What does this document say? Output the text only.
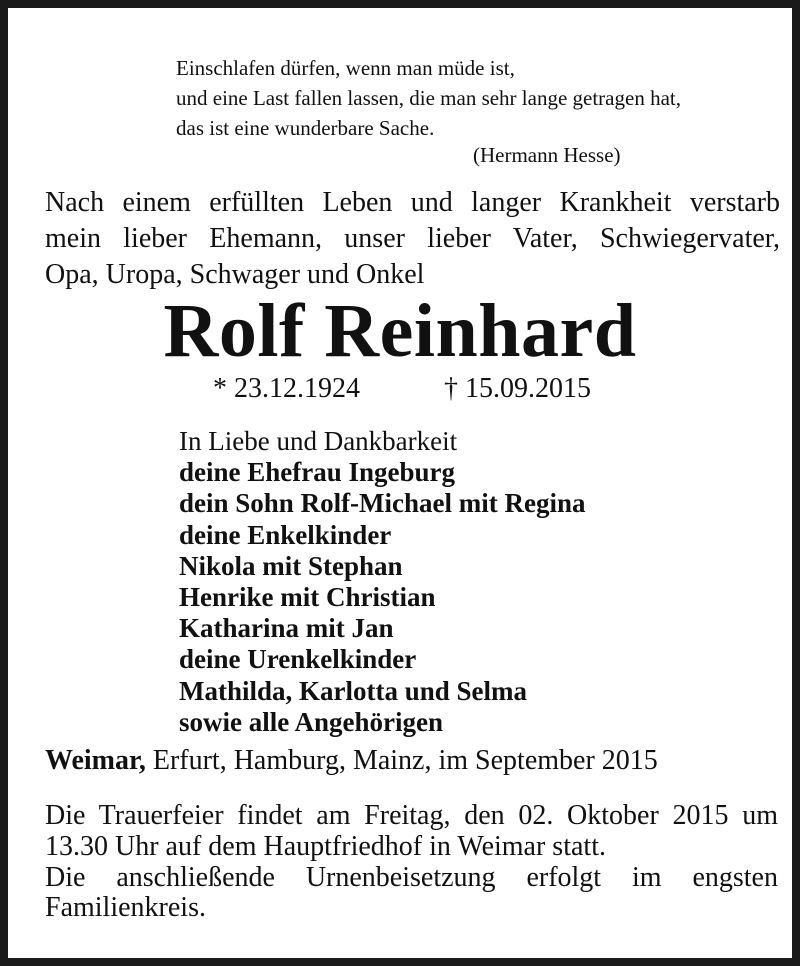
Einschlafen dürfen, wenn man müde ist,
und eine Last fallen lassen, die man sehr lange getragen hat,
das ist eine wunderbare Sache.
(Hermann Hesse)
Nach einem erfüllten Leben und langer Krankheit verstarb
mein lieber Ehemann, unser lieber Vater, Schwiegervater,
Opa, Uropa, Schwager und Onkel
Rolf Reinhard
* 23.12.1924	† 15.09.2015
In Liebe und Dankbarkeit
deine Ehefrau Ingeburg
dein Sohn Rolf-Michael mit Regina
deine Enkelkinder
Nikola mit Stephan
Henrike mit Christian
Katharina mit Jan
deine Urenkelkinder
Mathilda, Karlotta und Selma
sowie alle Angehörigen
Weimar, Erfurt, Hamburg, Mainz, im September 2015
Die Trauerfeier findet am Freitag, den 02. Oktober 2015 um
13.30 Uhr auf dem Hauptfriedhof in Weimar statt.
Die anschließende Urnenbeisetzung erfolgt im engsten
Familienkreis.
